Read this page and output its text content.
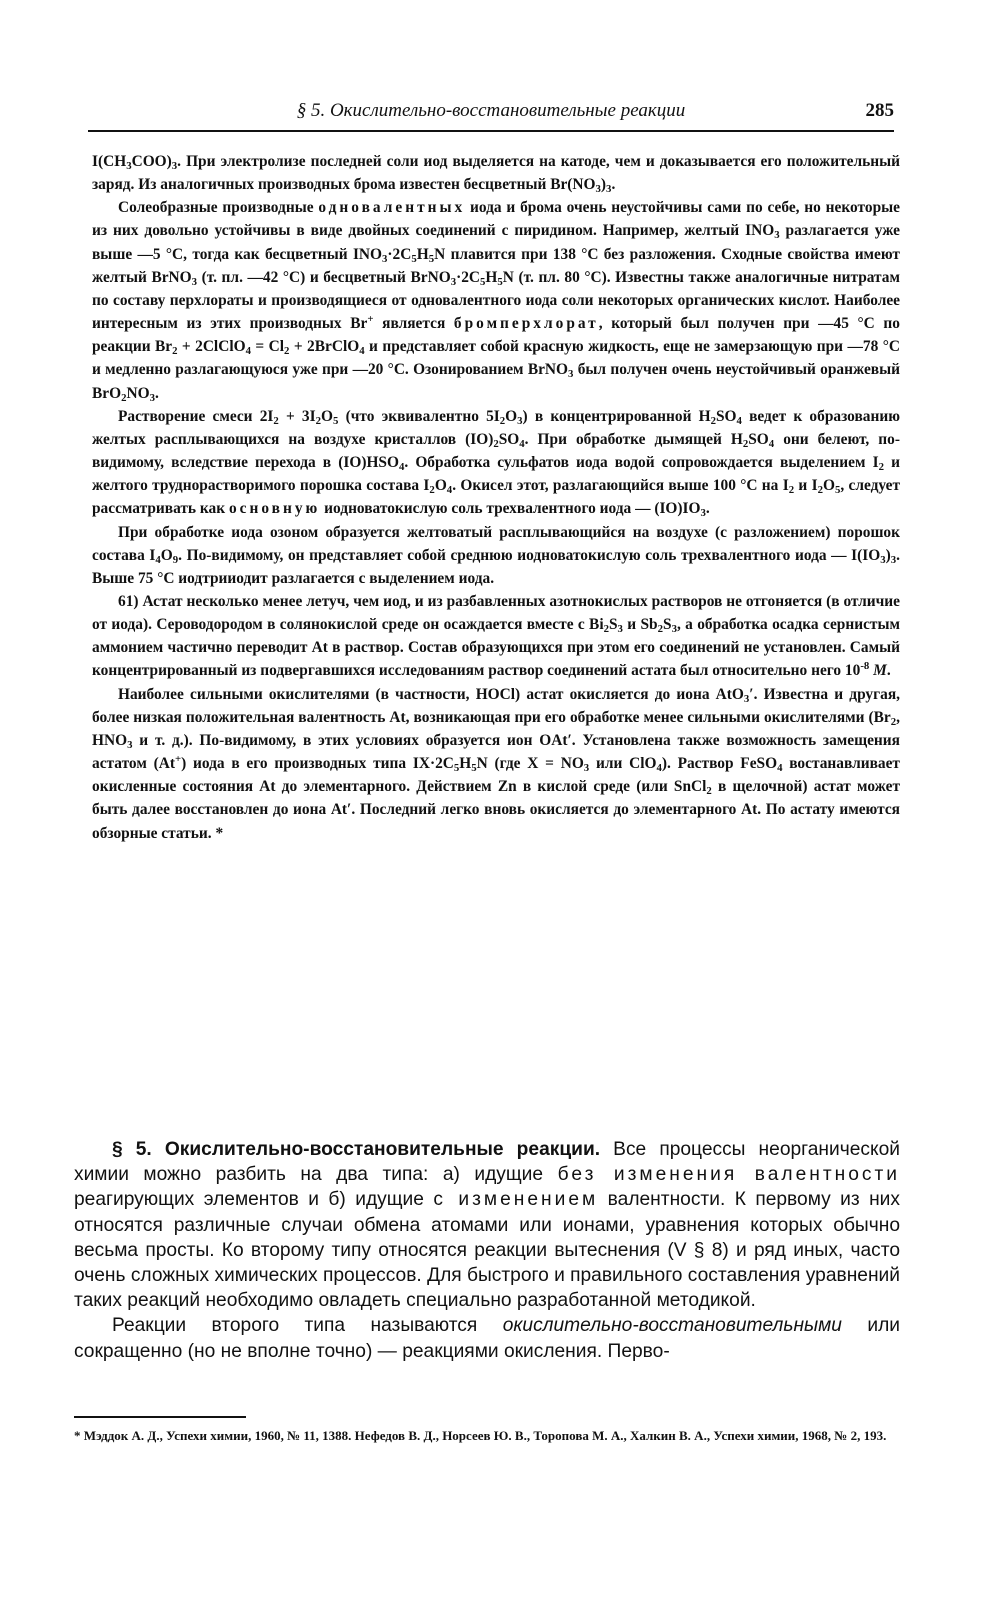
§ 5. Окислительно-восстановительные реакции	285

$I(CH_3COO)_3$. При электролизе последней соли иод выделяется на катоде, чем и доказывается его положительный заряд. Из аналогичных производных брома известен бесцветный $Br(NO_3)_3$.

Солеобразные производные одновалентных иода и брома очень неустойчивы сами по себе, но некоторые из них довольно устойчивы в виде двойных соединений с пиридином. Например, желтый $INO_3$ разлагается уже выше —5 °С, тогда как бесцветный $INO_3\cdot 2C_5H_5N$ плавится при 138 °С без разложения. Сходные свойства имеют желтый BrNO$_3$ (т. пл. —42 °С) и бесцветный $BrNO_3\cdot 2C_5H_5N$ (т. пл. 80 °С). Известны также аналогичные нитратам по составу перхлораты и производящиеся от одновалентного иода соли некоторых органических кислот. Наиболее интересным из этих производных Br+ является бромперхлорат, который был получен при —45 °С по реакции $Br_2$ + 2ClClO$_4$ = $Cl_2$ + 2BrClO$_4$ и представляет собой красную жидкость, еще не замерзающую при —78 °С и медленно разлагающуюся уже при —20 °С. Озонированием BrNO$_3$ был получен очень неустойчивый оранжевый $BrO_2NO_3$.

Растворение смеси $2I_2 + 3I_2O_5$ (что эквивалентно $5I_2O_3$) в концентрированной $H_2SO_4$ ведет к образованию желтых расплывающихся на воздухе кристаллов $(IO)_2SO_4$. При обработке дымящей $H_2SO_4$ они белеют, по-видимому, вследствие перехода в $(IO)HSO_4$. Обработка сульфатов иода водой сопровождается выделением $I_2$ и желтого труднорастворимого порошка состава $I_2O_4$. Окисел этот, разлагающийся выше 100 °С на $I_2$ и $I_2O_5$, следует рассматривать как основную иодноватокислую соль трехвалентного иода — $(IO)IO_3$.

При обработке иода озоном образуется желтоватый расплывающийся на воздухе (с разложением) порошок состава $I_4O_9$. По-видимому, он представляет собой среднюю иодноватокислую соль трехвалентного иода — $I(IO_3)_3$. Выше 75 °С иодтрииодит разлагается с выделением иода.

61) Астат несколько менее летуч, чем иод, и из разбавленных азотнокислых растворов не отгоняется (в отличие от иода). Сероводородом в солянокислой среде он осаждается вместе с $Bi_2S_3$ и $Sb_2S_3$, а обработка осадка сернистым аммонием частично переводит At в раствор. Состав образующихся при этом его соединений не установлен. Самый концентрированный из подвергавшихся исследованиям раствор соединений астата был относительно него $10^{-8}$ M.

Наиболее сильными окислителями (в частности, HOCl) астат окисляется до иона AtO$_3$′. Известна и другая, более низкая положительная валентность At, возникающая при его обработке менее сильными окислителями ($Br_2$, $HNO_3$ и т. д.). По-видимому, в этих условиях образуется ион OAt′. Установлена также возможность замещения астатом (At+) иода в его производных типа $IX\cdot 2C_5H_5N$ (где $X = NO_3$ или ClO$_4$). Раствор FeSO$_4$ востанавливает окисленные состояния At до элементарного. Действием Zn в кислой среде (или SnCl$_2$ в щелочной) астат может быть далее восстановлен до иона At′. Последний легко вновь окисляется до элементарного At. По астату имеются обзорные статьи. *

§ 5. Окислительно-восстановительные реакции. Все процессы неорганической химии можно разбить на два типа: а) идущие без изменения валентности реагирующих элементов и б) идущие с изменением валентности. К первому из них относятся различные случаи обмена атомами или ионами, уравнения которых обычно весьма просты. Ко второму типу относятся реакции вытеснения (V § 8) и ряд иных, часто очень сложных химических процессов. Для быстрого и правильного составления уравнений таких реакций необходимо овладеть специально разработанной методикой.

Реакции второго типа называются окислительно-восстановительными или сокращенно (но не вполне точно) — реакциями окисления. Перво-

* Мэддок А. Д., Успехи химии, 1960, № 11, 1388. Нефедов В. Д., Норсеев Ю. В., Торопова М. А., Халкин В. А., Успехи химии, 1968, № 2, 193.
